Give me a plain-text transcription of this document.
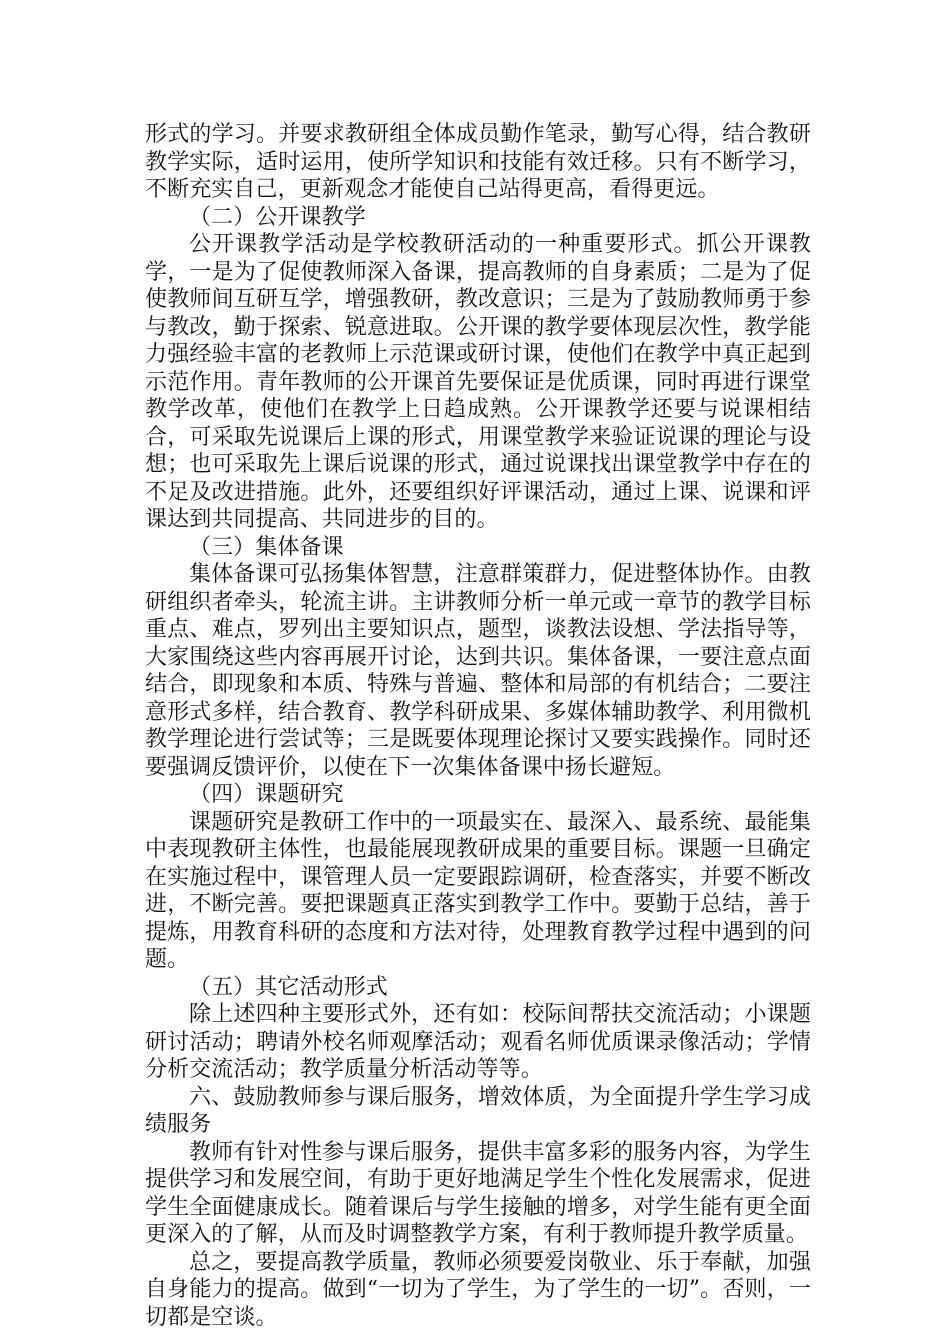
形式的学习。并要求教研组全体成员勤作笔录，勤写心得，结合教研教学实际，适时运用，使所学知识和技能有效迁移。只有不断学习，不断充实自己，更新观念才能使自己站得更高，看得更远。

（二）公开课教学

公开课教学活动是学校教研活动的一种重要形式。抓公开课教学，一是为了促使教师深入备课，提高教师的自身素质；二是为了促使教师间互研互学，增强教研，教改意识；三是为了鼓励教师勇于参与教改，勤于探索、锐意进取。公开课的教学要体现层次性，教学能力强经验丰富的老教师上示范课或研讨课，使他们在教学中真正起到示范作用。青年教师的公开课首先要保证是优质课，同时再进行课堂教学改革，使他们在教学上日趋成熟。公开课教学还要与说课相结合，可采取先说课后上课的形式，用课堂教学来验证说课的理论与设想；也可采取先上课后说课的形式，通过说课找出课堂教学中存在的不足及改进措施。此外，还要组织好评课活动，通过上课、说课和评课达到共同提高、共同进步的目的。

（三）集体备课

集体备课可弘扬集体智慧，注意群策群力，促进整体协作。由教研组织者牵头，轮流主讲。主讲教师分析一单元或一章节的教学目标重点、难点，罗列出主要知识点，题型，谈教法设想、学法指导等，大家围绕这些内容再展开讨论，达到共识。集体备课，一要注意点面结合，即现象和本质、特殊与普遍、整体和局部的有机结合；二要注意形式多样，结合教育、教学科研成果、多媒体辅助教学、利用微机教学理论进行尝试等；三是既要体现理论探讨又要实践操作。同时还要强调反馈评价，以使在下一次集体备课中扬长避短。

（四）课题研究

课题研究是教研工作中的一项最实在、最深入、最系统、最能集中表现教研主体性，也最能展现教研成果的重要目标。课题一旦确定在实施过程中，课管理人员一定要跟踪调研，检查落实，并要不断改进，不断完善。要把课题真正落实到教学工作中。要勤于总结，善于提炼，用教育科研的态度和方法对待，处理教育教学过程中遇到的问题。

（五）其它活动形式

除上述四种主要形式外，还有如：校际间帮扶交流活动；小课题研讨活动；聘请外校名师观摩活动；观看名师优质课录像活动；学情分析交流活动；教学质量分析活动等等。

六、鼓励教师参与课后服务，增效体质，为全面提升学生学习成绩服务

教师有针对性参与课后服务，提供丰富多彩的服务内容，为学生提供学习和发展空间，有助于更好地满足学生个性化发展需求，促进学生全面健康成长。随着课后与学生接触的增多，对学生能有更全面更深入的了解，从而及时调整教学方案，有利于教师提升教学质量。

总之，要提高教学质量，教师必须要爱岗敬业、乐于奉献，加强自身能力的提高。做到“一切为了学生，为了学生的一切”。否则，一切都是空谈。
